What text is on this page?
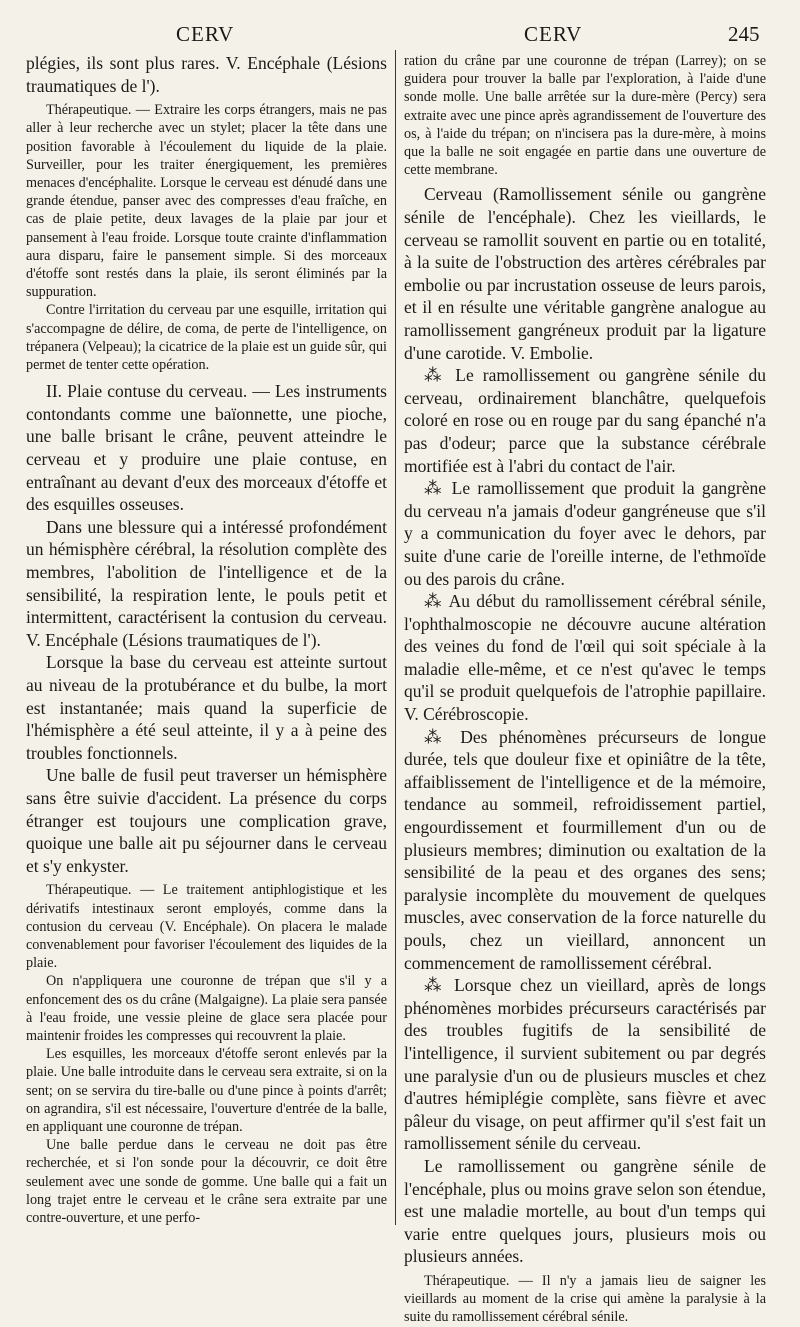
CERV	CERV	245

plégies, ils sont plus rares. V. Encéphale (Lésions traumatiques de l').

Thérapeutique. — Extraire les corps étrangers, mais ne pas aller à leur recherche avec un stylet; placer la tête dans une position favorable à l'écoulement du liquide de la plaie. Surveiller, pour les traiter énergiquement, les premières menaces d'encéphalite. Lorsque le cerveau est dénudé dans une grande étendue, panser avec des compresses d'eau fraîche, en cas de plaie petite, deux lavages de la plaie par jour et pansement à l'eau froide. Lorsque toute crainte d'inflammation aura disparu, faire le pansement simple. Si des morceaux d'étoffe sont restés dans la plaie, ils seront éliminés par la suppuration.

Contre l'irritation du cerveau par une esquille, irritation qui s'accompagne de délire, de coma, de perte de l'intelligence, on trépanera (Velpeau); la cicatrice de la plaie est un guide sûr, qui permet de tenter cette opération.

II. Plaie contuse du cerveau. — Les instruments contondants comme une baïonnette, une pioche, une balle brisant le crâne, peuvent atteindre le cerveau et y produire une plaie contuse, en entraînant au devant d'eux des morceaux d'étoffe et des esquilles osseuses.

Dans une blessure qui a intéressé profondément un hémisphère cérébral, la résolution complète des membres, l'abolition de l'intelligence et de la sensibilité, la respiration lente, le pouls petit et intermittent, caractérisent la contusion du cerveau. V. Encéphale (Lésions traumatiques de l').

Lorsque la base du cerveau est atteinte surtout au niveau de la protubérance et du bulbe, la mort est instantanée; mais quand la superficie de l'hémisphère a été seul atteinte, il y a à peine des troubles fonctionnels.

Une balle de fusil peut traverser un hémisphère sans être suivie d'accident. La présence du corps étranger est toujours une complication grave, quoique une balle ait pu séjourner dans le cerveau et s'y enkyster.

Thérapeutique. — Le traitement antiphlogistique et les dérivatifs intestinaux seront employés, comme dans la contusion du cerveau (V. Encéphale). On placera le malade convenablement pour favoriser l'écoulement des liquides de la plaie.

On n'appliquera une couronne de trépan que s'il y a enfoncement des os du crâne (Malgaigne). La plaie sera pansée à l'eau froide, une vessie pleine de glace sera placée pour maintenir froides les compresses qui recouvrent la plaie.

Les esquilles, les morceaux d'étoffe seront enlevés par la plaie. Une balle introduite dans le cerveau sera extraite, si on la sent; on se servira du tire-balle ou d'une pince à points d'arrêt; on agrandira, s'il est nécessaire, l'ouverture d'entrée de la balle, en appliquant une couronne de trépan.

Une balle perdue dans le cerveau ne doit pas être recherchée, et si l'on sonde pour la découvrir, ce doit être seulement avec une sonde de gomme. Une balle qui a fait un long trajet entre le cerveau et le crâne sera extraite par une contre-ouverture, et une perfo-

ration du crâne par une couronne de trépan (Larrey); on se guidera pour trouver la balle par l'exploration, à l'aide d'une sonde molle. Une balle arrêtée sur la dure-mère (Percy) sera extraite avec une pince après agrandissement de l'ouverture des os, à l'aide du trépan; on n'incisera pas la dure-mère, à moins que la balle ne soit engagée en partie dans une ouverture de cette membrane.

Cerveau (Ramollissement sénile ou gangrène sénile de l'encéphale). Chez les vieillards, le cerveau se ramollit souvent en partie ou en totalité, à la suite de l'obstruction des artères cérébrales par embolie ou par incrustation osseuse de leurs parois, et il en résulte une véritable gangrène analogue au ramollissement gangréneux produit par la ligature d'une carotide. V. Embolie.

⁂ Le ramollissement ou gangrène sénile du cerveau, ordinairement blanchâtre, quelquefois coloré en rose ou en rouge par du sang épanché n'a pas d'odeur; parce que la substance cérébrale mortifiée est à l'abri du contact de l'air.

⁂ Le ramollissement que produit la gangrène du cerveau n'a jamais d'odeur gangréneuse que s'il y a communication du foyer avec le dehors, par suite d'une carie de l'oreille interne, de l'ethmoïde ou des parois du crâne.

⁂ Au début du ramollissement cérébral sénile, l'ophthalmoscopie ne découvre aucune altération des veines du fond de l'œil qui soit spéciale à la maladie elle-même, et ce n'est qu'avec le temps qu'il se produit quelquefois de l'atrophie papillaire. V. Cérébroscopie.

⁂ Des phénomènes précurseurs de longue durée, tels que douleur fixe et opiniâtre de la tête, affaiblissement de l'intelligence et de la mémoire, tendance au sommeil, refroidissement partiel, engourdissement et fourmillement d'un ou de plusieurs membres; diminution ou exaltation de la sensibilité de la peau et des organes des sens; paralysie incomplète du mouvement de quelques muscles, avec conservation de la force naturelle du pouls, chez un vieillard, annoncent un commencement de ramollissement cérébral.

⁂ Lorsque chez un vieillard, après de longs phénomènes morbides précurseurs caractérisés par des troubles fugitifs de la sensibilité de l'intelligence, il survient subitement ou par degrés une paralysie d'un ou de plusieurs muscles et chez d'autres hémiplégie complète, sans fièvre et avec pâleur du visage, on peut affirmer qu'il s'est fait un ramollissement sénile du cerveau.

Le ramollissement ou gangrène sénile de l'encéphale, plus ou moins grave selon son étendue, est une maladie mortelle, au bout d'un temps qui varie entre quelques jours, plusieurs mois ou plusieurs années.

Thérapeutique. — Il n'y a jamais lieu de saigner les vieillards au moment de la crise qui amène la paralysie à la suite du ramollissement cérébral sénile.
